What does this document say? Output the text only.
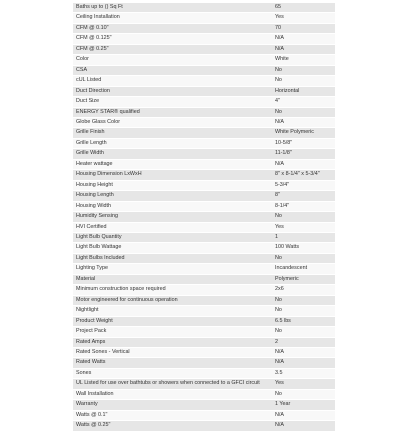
Baths up to () Sq Ft	65
Ceiling Installation	Yes
CFM @ 0.10"	70
CFM @ 0.125"	N/A
CFM @ 0.25"	N/A
Color	White
CSA	No
cUL Listed	No
Duct Direction	Horizontal
Duct Size	4"
ENERGY STAR® qualified	No
Globe Glass Color	N/A
Grille Finish	White Polymeric
Grille Length	10-5/8"
Grille Width	11-1/8"
Heater wattage	N/A
Housing Dimension LxWxH	8" x 8-1/4" x 5-3/4"
Housing Height	5-3/4"
Housing Length	8"
Housing Width	8-1/4"
Humidity Sensing	No
HVI Certified	Yes
Light Bulb Quantity	1
Light Bulb Wattage	100 Watts
Light Bulbs Included	No
Lighting Type	Incandescent
Material	Polymeric
Minimum construction space required	2x6
Motor engineered for continuous operation	No
Nightlight	No
Product Weight	6.5 lbs
Project Pack	No
Rated Amps	2
Rated Sones - Vertical	N/A
Rated Watts	N/A
Sones	3.5
UL Listed for use over bathtubs or showers when connected to a GFCI circuit	Yes
Wall Installation	No
Warranty	1 Year
Watts @ 0.1"	N/A
Watts @ 0.25"	N/A
